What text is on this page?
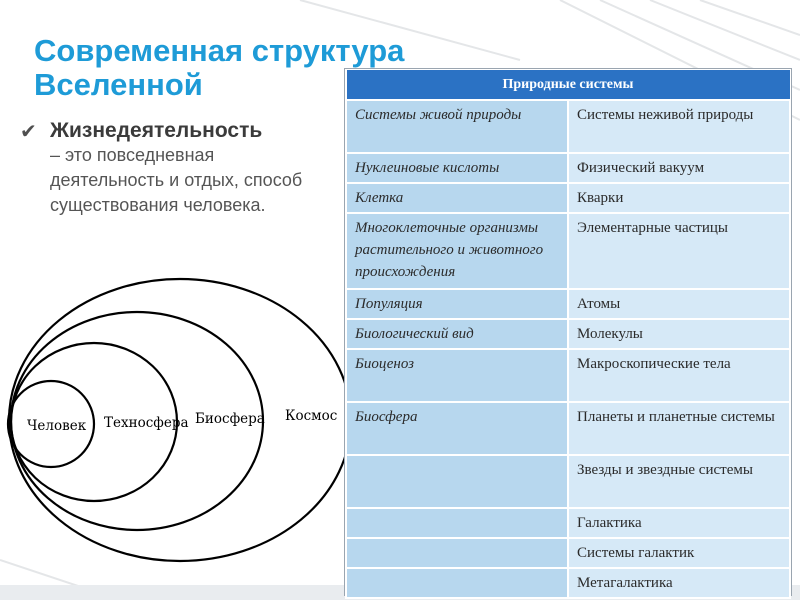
Современная структура Вселенной
✔ Жизнедеятельность
– это повседневная деятельность и отдых, способ существования человека.
Человек Техносфера Биосфера Космос
Природные системы	
Системы живой природы	Системы неживой природы
Нуклеиновые кислоты	Физический вакуум
Клетка	Кварки
Многоклеточные организмы растительного и животного происхождения	Элементарные частицы
Популяция	Атомы
Биологический вид	Молекулы
Биоценоз	Макроскопические тела
Биосфера	Планеты и планетные системы
	Звезды и звездные системы
	Галактика
	Системы галактик
	Метагалактика
